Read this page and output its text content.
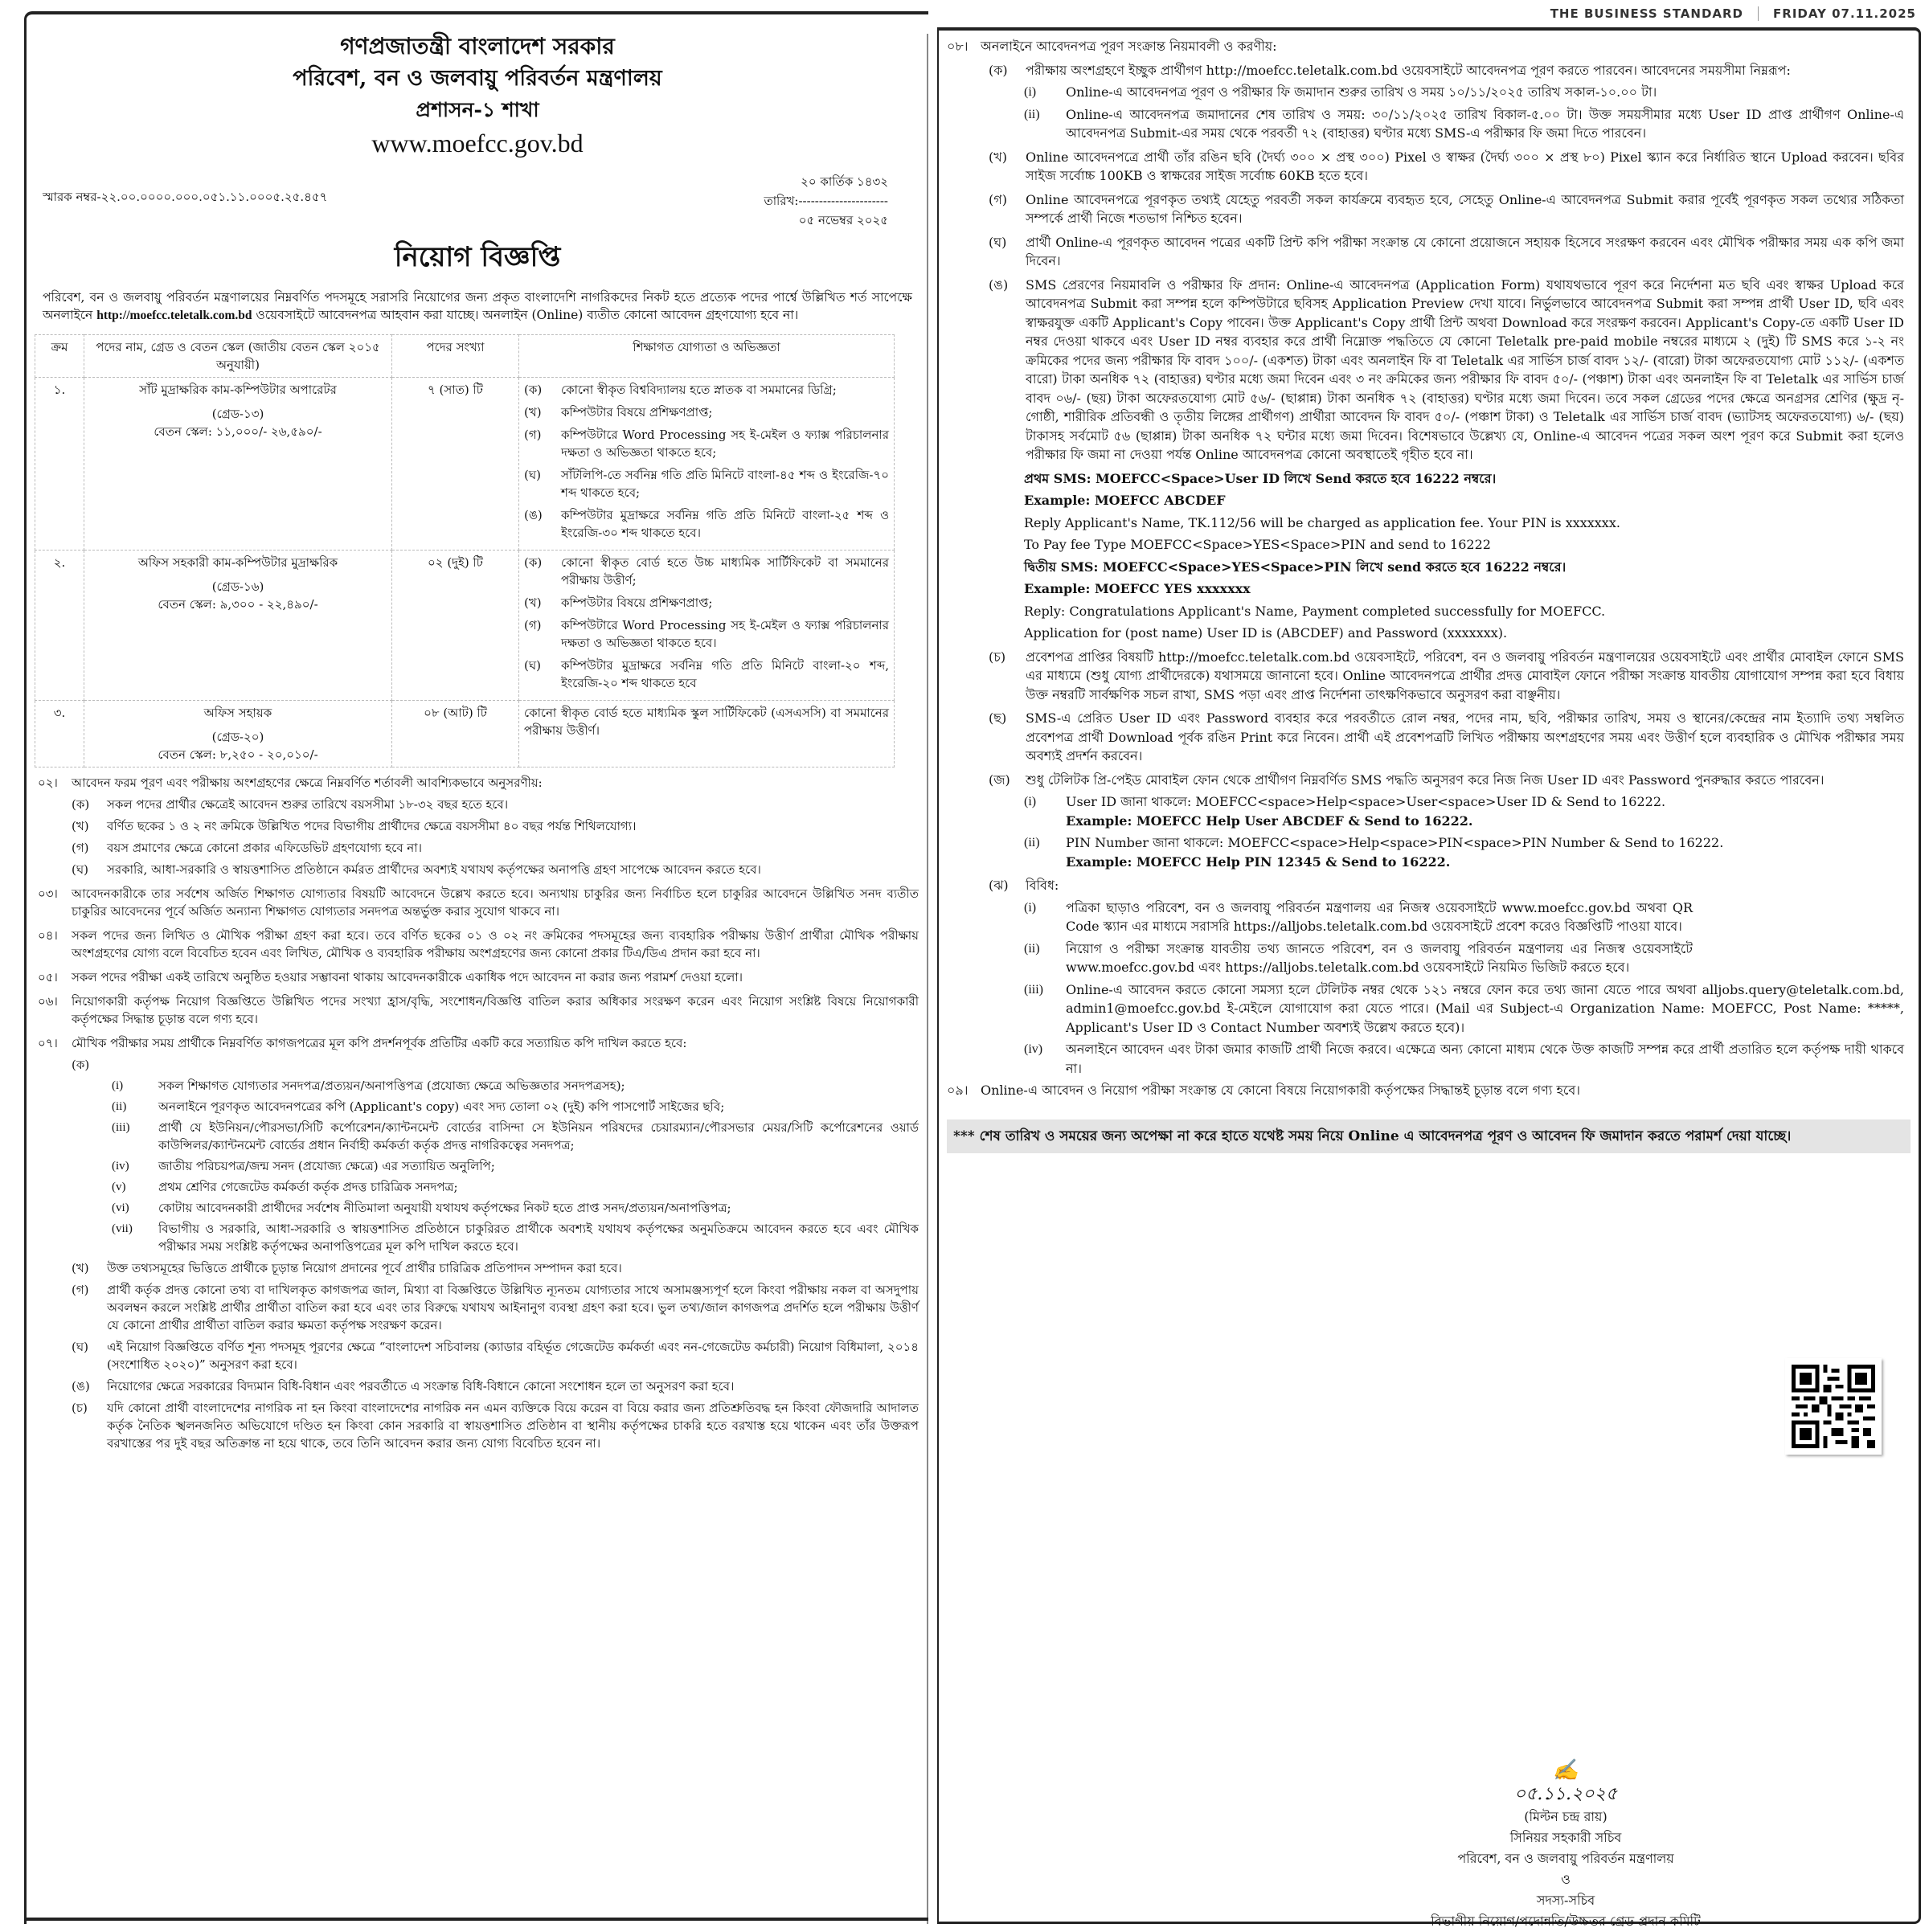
গণপ্রজাতন্ত্রী বাংলাদেশ সরকার
পরিবেশ, বন ও জলবায়ু পরিবর্তন মন্ত্রণালয়
প্রশাসন-১ শাখা
www.moefcc.gov.bd
স্মারক নম্বর-২২.০০.০০০০.০০০.০৫১.১১.০০০৫.২৫.৪৫৭
২০ কার্তিক ১৪৩২
তারিখ:----------------------
০৫ নভেম্বর ২০২৫
নিয়োগ বিজ্ঞপ্তি
পরিবেশ, বন ও জলবায়ু পরিবর্তন মন্ত্রণালয়ের নিম্নবর্ণিত পদসমূহে সরাসরি নিয়োগের জন্য প্রকৃত বাংলাদেশি নাগরিকদের নিকট হতে প্রত্যেক পদের পার্শ্বে উল্লিখিত শর্ত সাপেক্ষে অনলাইনে http://moefcc.teletalk.com.bd ওয়েবসাইটে আবেদনপত্র আহবান করা যাচ্ছে। অনলাইন (Online) ব্যতীত কোনো আবেদন গ্রহণযোগ্য হবে না।
ক্রম	পদের নাম, গ্রেড ও বেতন স্কেল (জাতীয় বেতন স্কেল ২০১৫ অনুযায়ী)	পদের সংখ্যা	শিক্ষাগত যোগ্যতা ও অভিজ্ঞতা
১.	সাঁট মুদ্রাক্ষরিক কাম-কম্পিউটার অপারেটর
(গ্রেড-১৩)
বেতন স্কেল: ১১,০০০/- ২৬,৫৯০/-
	৭ (সাত) টি	(ক)	কোনো স্বীকৃত বিশ্ববিদ্যালয় হতে স্নাতক বা সমমানের ডিগ্রি;
(খ)	কম্পিউটার বিষয়ে প্রশিক্ষণপ্রাপ্ত;
(গ)	কম্পিউটারে Word Processing সহ ই-মেইল ও ফ্যাক্স পরিচালনার দক্ষতা ও অভিজ্ঞতা থাকতে হবে;
(ঘ)	সাঁটলিপি-তে সর্বনিম্ন গতি প্রতি মিনিটে বাংলা-৪৫ শব্দ ও ইংরেজি-৭০ শব্দ থাকতে হবে;
(ঙ)	কম্পিউটার মুদ্রাক্ষরে সর্বনিম্ন গতি প্রতি মিনিটে বাংলা-২৫ শব্দ ও ইংরেজি-৩০ শব্দ থাকতে হবে।

২.	অফিস সহকারী কাম-কম্পিউটার মুদ্রাক্ষরিক
(গ্রেড-১৬)
বেতন স্কেল: ৯,৩০০ - ২২,৪৯০/-
	০২ (দুই) টি	(ক)	কোনো স্বীকৃত বোর্ড হতে উচ্চ মাধ্যমিক সার্টিফিকেট বা সমমানের পরীক্ষায় উত্তীর্ণ;
(খ)	কম্পিউটার বিষয়ে প্রশিক্ষণপ্রাপ্ত;
(গ)	কম্পিউটারে Word Processing সহ ই-মেইল ও ফ্যাক্স পরিচালনার দক্ষতা ও অভিজ্ঞতা থাকতে হবে।
(ঘ)	কম্পিউটার মুদ্রাক্ষরে সর্বনিম্ন গতি প্রতি মিনিটে বাংলা-২০ শব্দ, ইংরেজি-২০ শব্দ থাকতে হবে

৩.	অফিস সহায়ক
(গ্রেড-২০)
বেতন স্কেল: ৮,২৫০ - ২০,০১০/-	০৮ (আট) টি	কোনো স্বীকৃত বোর্ড হতে মাধ্যমিক স্কুল সার্টিফিকেট (এসএসসি) বা সমমানের পরীক্ষায় উত্তীর্ণ।
০২।	আবেদন ফরম পূরণ এবং পরীক্ষায় অংশগ্রহণের ক্ষেত্রে নিম্নবর্ণিত শর্তাবলী আবশ্যিকভাবে অনুসরণীয়:
(ক)	সকল পদের প্রার্থীর ক্ষেত্রেই আবেদন শুরুর তারিখে বয়সসীমা ১৮-৩২ বছর হতে হবে।
(খ)	বর্ণিত ছকের ১ ও ২ নং ক্রমিকে উল্লিখিত পদের বিভাগীয় প্রার্থীদের ক্ষেত্রে বয়সসীমা ৪০ বছর পর্যন্ত শিথিলযোগ্য।
(গ)	বয়স প্রমাণের ক্ষেত্রে কোনো প্রকার এফিডেভিট গ্রহণযোগ্য হবে না।
(ঘ)	সরকারি, আধা-সরকারি ও স্বায়ত্তশাসিত প্রতিষ্ঠানে কর্মরত প্রার্থীদের অবশ্যই যথাযথ কর্তৃপক্ষের অনাপত্তি গ্রহণ সাপেক্ষে আবেদন করতে হবে।
০৩।	আবেদনকারীকে তার সর্বশেষ অর্জিত শিক্ষাগত যোগ্যতার বিষয়টি আবেদনে উল্লেখ করতে হবে। অন্যথায় চাকুরির জন্য নির্বাচিত হলে চাকুরির আবেদনে উল্লিখিত সনদ ব্যতীত চাকুরির আবেদনের পূর্বে অর্জিত অন্যান্য শিক্ষাগত যোগ্যতার সনদপত্র অন্তর্ভুক্ত করার সুযোগ থাকবে না।
০৪।	সকল পদের জন্য লিখিত ও মৌখিক পরীক্ষা গ্রহণ করা হবে। তবে বর্ণিত ছকের ০১ ও ০২ নং ক্রমিকের পদসমূহের জন্য ব্যবহারিক পরীক্ষায় উত্তীর্ণ প্রার্থীরা মৌখিক পরীক্ষায় অংশগ্রহণের যোগ্য বলে বিবেচিত হবেন এবং লিখিত, মৌখিক ও ব্যবহারিক পরীক্ষায় অংশগ্রহণের জন্য কোনো প্রকার টিএ/ডিএ প্রদান করা হবে না।
০৫।	সকল পদের পরীক্ষা একই তারিখে অনুষ্ঠিত হওয়ার সম্ভাবনা থাকায় আবেদনকারীকে একাধিক পদে আবেদন না করার জন্য পরামর্শ দেওয়া হলো।
০৬।	নিয়োগকারী কর্তৃপক্ষ নিয়োগ বিজ্ঞপ্তিতে উল্লিখিত পদের সংখ্যা হ্রাস/বৃদ্ধি, সংশোধন/বিজ্ঞপ্তি বাতিল করার অধিকার সংরক্ষণ করেন এবং নিয়োগ সংশ্লিষ্ট বিষয়ে নিয়োগকারী কর্তৃপক্ষের সিদ্ধান্ত চূড়ান্ত বলে গণ্য হবে।
০৭।	মৌখিক পরীক্ষার সময় প্রার্থীকে নিম্নবর্ণিত কাগজপত্রের মূল কপি প্রদর্শনপূর্বক প্রতিটির একটি করে সত্যায়িত কপি দাখিল করতে হবে:
(ক)
(i)	সকল শিক্ষাগত যোগ্যতার সনদপত্র/প্রত্যয়ন/অনাপত্তিপত্র (প্রযোজ্য ক্ষেত্রে অভিজ্ঞতার সনদপত্রসহ);
(ii)	অনলাইনে পূরণকৃত আবেদনপত্রের কপি (Applicant's copy) এবং সদ্য তোলা ০২ (দুই) কপি পাসপোর্ট সাইজের ছবি;
(iii)	প্রার্থী যে ইউনিয়ন/পৌরসভা/সিটি কর্পোরেশন/ক্যান্টনমেন্ট বোর্ডের বাসিন্দা সে ইউনিয়ন পরিষদের চেয়ারম্যান/পৌরসভার মেয়র/সিটি কর্পোরেশনের ওয়ার্ড কাউন্সিলর/ক্যান্টনমেন্ট বোর্ডের প্রধান নির্বাহী কর্মকর্তা কর্তৃক প্রদত্ত নাগরিকত্বের সনদপত্র;
(iv)	জাতীয় পরিচয়পত্র/জন্ম সনদ (প্রযোজ্য ক্ষেত্রে) এর সত্যায়িত অনুলিপি;
(v)	প্রথম শ্রেণির গেজেটেড কর্মকর্তা কর্তৃক প্রদত্ত চারিত্রিক সনদপত্র;
(vi)	কোটায় আবেদনকারী প্রার্থীদের সর্বশেষ নীতিমালা অনুযায়ী যথাযথ কর্তৃপক্ষের নিকট হতে প্রাপ্ত সনদ/প্রত্যয়ন/অনাপত্তিপত্র;
(vii)	বিভাগীয় ও সরকারি, আধা-সরকারি ও স্বায়ত্তশাসিত প্রতিষ্ঠানে চাকুরিরত প্রার্থীকে অবশ্যই যথাযথ কর্তৃপক্ষের অনুমতিক্রমে আবেদন করতে হবে এবং মৌখিক পরীক্ষার সময় সংশ্লিষ্ট কর্তৃপক্ষের অনাপত্তিপত্রের মূল কপি দাখিল করতে হবে।
(খ)	উক্ত তথ্যসমূহের ভিত্তিতে প্রার্থীকে চূড়ান্ত নিয়োগ প্রদানের পূর্বে প্রার্থীর চারিত্রিক প্রতিপাদন সম্পাদন করা হবে।
(গ)	প্রার্থী কর্তৃক প্রদত্ত কোনো তথ্য বা দাখিলকৃত কাগজপত্র জাল, মিথ্যা বা বিজ্ঞপ্তিতে উল্লিখিত ন্যূনতম যোগ্যতার সাথে অসামঞ্জস্যপূর্ণ হলে কিংবা পরীক্ষায় নকল বা অসদুপায় অবলম্বন করলে সংশ্লিষ্ট প্রার্থীর প্রার্থীতা বাতিল করা হবে এবং তার বিরুদ্ধে যথাযথ আইনানুগ ব্যবস্থা গ্রহণ করা হবে। ভুল তথ্য/জাল কাগজপত্র প্রদর্শিত হলে পরীক্ষায় উত্তীর্ণ যে কোনো প্রার্থীর প্রার্থীতা বাতিল করার ক্ষমতা কর্তৃপক্ষ সংরক্ষণ করেন।
(ঘ)	এই নিয়োগ বিজ্ঞপ্তিতে বর্ণিত শূন্য পদসমূহ পূরণের ক্ষেত্রে “বাংলাদেশ সচিবালয় (ক্যাডার বহির্ভূত গেজেটেড কর্মকর্তা এবং নন-গেজেটেড কর্মচারী) নিয়োগ বিধিমালা, ২০১৪ (সংশোধিত ২০২০)” অনুসরণ করা হবে।
(ঙ)	নিয়োগের ক্ষেত্রে সরকারের বিদ্যমান বিধি-বিধান এবং পরবর্তীতে এ সংক্রান্ত বিধি-বিধানে কোনো সংশোধন হলে তা অনুসরণ করা হবে।
(চ)	যদি কোনো প্রার্থী বাংলাদেশের নাগরিক না হন কিংবা বাংলাদেশের নাগরিক নন এমন ব্যক্তিকে বিয়ে করেন বা বিয়ে করার জন্য প্রতিশ্রুতিবদ্ধ হন কিংবা ফৌজদারি আদালত কর্তৃক নৈতিক স্খলনজনিত অভিযোগে দণ্ডিত হন কিংবা কোন সরকারি বা স্বায়ত্তশাসিত প্রতিষ্ঠান বা স্থানীয় কর্তৃপক্ষের চাকরি হতে বরখাস্ত হয়ে থাকেন এবং তাঁর উক্তরূপ বরখাস্তের পর দুই বছর অতিক্রান্ত না হয়ে থাকে, তবে তিনি আবেদন করার জন্য যোগ্য বিবেচিত হবেন না।
THE BUSINESS STANDARD FRIDAY 07.11.2025
০৮। অনলাইনে আবেদনপত্র পূরণ সংক্রান্ত নিয়মাবলী ও করণীয়:
(ক)	পরীক্ষায় অংশগ্রহণে ইচ্ছুক প্রার্থীগণ http://moefcc.teletalk.com.bd ওয়েবসাইটে আবেদনপত্র পূরণ করতে পারবেন। আবেদনের সময়সীমা নিম্নরূপ:
(i)	Online-এ আবেদনপত্র পূরণ ও পরীক্ষার ফি জমাদান শুরুর তারিখ ও সময় ১০/১১/২০২৫ তারিখ সকাল-১০.০০ টা।
(ii)	Online-এ আবেদনপত্র জমাদানের শেষ তারিখ ও সময়: ৩০/১১/২০২৫ তারিখ বিকাল-৫.০০ টা। উক্ত সময়সীমার মধ্যে User ID প্রাপ্ত প্রার্থীগণ Online-এ আবেদনপত্র Submit-এর সময় থেকে পরবর্তী ৭২ (বাহাত্তর) ঘণ্টার মধ্যে SMS-এ পরীক্ষার ফি জমা দিতে পারবেন।
(খ)	Online আবেদনপত্রে প্রার্থী তাঁর রঙিন ছবি (দৈর্ঘ্য ৩০০ × প্রস্থ ৩০০) Pixel ও স্বাক্ষর (দৈর্ঘ্য ৩০০ × প্রস্থ ৮০) Pixel স্ক্যান করে নির্ধারিত স্থানে Upload করবেন। ছবির সাইজ সর্বোচ্চ 100KB ও স্বাক্ষরের সাইজ সর্বোচ্চ 60KB হতে হবে।
(গ)	Online আবেদনপত্রে পূরণকৃত তথ্যই যেহেতু পরবর্তী সকল কার্যক্রমে ব্যবহৃত হবে, সেহেতু Online-এ আবেদনপত্র Submit করার পূর্বেই পূরণকৃত সকল তথ্যের সঠিকতা সম্পর্কে প্রার্থী নিজে শতভাগ নিশ্চিত হবেন।
(ঘ)	প্রার্থী Online-এ পূরণকৃত আবেদন পত্রের একটি প্রিন্ট কপি পরীক্ষা সংক্রান্ত যে কোনো প্রয়োজনে সহায়ক হিসেবে সংরক্ষণ করবেন এবং মৌখিক পরীক্ষার সময় এক কপি জমা দিবেন।
(ঙ)	SMS প্রেরণের নিয়মাবলি ও পরীক্ষার ফি প্রদান: Online-এ আবেদনপত্র (Application Form) যথাযথভাবে পূরণ করে নির্দেশনা মত ছবি এবং স্বাক্ষর Upload করে আবেদনপত্র Submit করা সম্পন্ন হলে কম্পিউটারে ছবিসহ Application Preview দেখা যাবে। নির্ভুলভাবে আবেদনপত্র Submit করা সম্পন্ন প্রার্থী User ID, ছবি এবং স্বাক্ষরযুক্ত একটি Applicant's Copy পাবেন। উক্ত Applicant's Copy প্রার্থী প্রিন্ট অথবা Download করে সংরক্ষণ করবেন। Applicant's Copy-তে একটি User ID নম্বর দেওয়া থাকবে এবং User ID নম্বর ব্যবহার করে প্রার্থী নিম্নোক্ত পদ্ধতিতে যে কোনো Teletalk pre-paid mobile নম্বরের মাধ্যমে ২ (দুই) টি SMS করে ১-২ নং ক্রমিকের পদের জন্য পরীক্ষার ফি বাবদ ১০০/- (একশত) টাকা এবং অনলাইন ফি বা Teletalk এর সার্ভিস চার্জ বাবদ ১২/- (বারো) টাকা অফেরতযোগ্য মোট ১১২/- (একশত বারো) টাকা অনধিক ৭২ (বাহাত্তর) ঘণ্টার মধ্যে জমা দিবেন এবং ৩ নং ক্রমিকের জন্য পরীক্ষার ফি বাবদ ৫০/- (পঞ্চাশ) টাকা এবং অনলাইন ফি বা Teletalk এর সার্ভিস চার্জ বাবদ ০৬/- (ছয়) টাকা অফেরতযোগ্য মোট ৫৬/- (ছাপ্পান্ন) টাকা অনধিক ৭২ (বাহাত্তর) ঘণ্টার মধ্যে জমা দিবেন। তবে সকল গ্রেডের পদের ক্ষেত্রে অনগ্রসর শ্রেণির (ক্ষুদ্র নৃ-গোষ্ঠী, শারীরিক প্রতিবন্ধী ও তৃতীয় লিঙ্গের প্রার্থীগণ) প্রার্থীরা আবেদন ফি বাবদ ৫০/- (পঞ্চাশ টাকা) ও Teletalk এর সার্ভিস চার্জ বাবদ (ভ্যাটসহ অফেরতযোগ্য) ৬/- (ছয়) টাকাসহ সর্বমোট ৫৬ (ছাপ্পান্ন) টাকা অনধিক ৭২ ঘন্টার মধ্যে জমা দিবেন। বিশেষভাবে উল্লেখ্য যে, Online-এ আবেদন পত্রের সকল অংশ পূরণ করে Submit করা হলেও পরীক্ষার ফি জমা না দেওয়া পর্যন্ত Online আবেদনপত্র কোনো অবস্থাতেই গৃহীত হবে না।

প্রথম SMS: MOEFCC<Space>User ID লিখে Send করতে হবে 16222 নম্বরে।

Example: MOEFCC ABCDEF

Reply Applicant's Name, TK.112/56 will be charged as application fee. Your PIN is xxxxxxx.

To Pay fee Type MOEFCC<Space>YES<Space>PIN and send to 16222

দ্বিতীয় SMS: MOEFCC<Space>YES<Space>PIN লিখে send করতে হবে 16222 নম্বরে।

Example: MOEFCC YES xxxxxxx

Reply: Congratulations Applicant's Name, Payment completed successfully for MOEFCC.

Application for (post name) User ID is (ABCDEF) and Password (xxxxxxx).

(চ)	প্রবেশপত্র প্রাপ্তির বিষয়টি http://moefcc.teletalk.com.bd ওয়েবসাইটে, পরিবেশ, বন ও জলবায়ু পরিবর্তন মন্ত্রণালয়ের ওয়েবসাইটে এবং প্রার্থীর মোবাইল ফোনে SMS এর মাধ্যমে (শুধু যোগ্য প্রার্থীদেরকে) যথাসময়ে জানানো হবে। Online আবেদনপত্রে প্রার্থীর প্রদত্ত মোবাইল ফোনে পরীক্ষা সংক্রান্ত যাবতীয় যোগাযোগ সম্পন্ন করা হবে বিধায় উক্ত নম্বরটি সার্বক্ষণিক সচল রাখা, SMS পড়া এবং প্রাপ্ত নির্দেশনা তাৎক্ষণিকভাবে অনুসরণ করা বাঞ্ছনীয়।
(ছ)	SMS-এ প্রেরিত User ID এবং Password ব্যবহার করে পরবর্তীতে রোল নম্বর, পদের নাম, ছবি, পরীক্ষার তারিখ, সময় ও স্থানের/কেন্দ্রের নাম ইত্যাদি তথ্য সম্বলিত প্রবেশপত্র প্রার্থী Download পূর্বক রঙিন Print করে নিবেন। প্রার্থী এই প্রবেশপত্রটি লিখিত পরীক্ষায় অংশগ্রহণের সময় এবং উত্তীর্ণ হলে ব্যবহারিক ও মৌখিক পরীক্ষার সময় অবশ্যই প্রদর্শন করবেন।
(জ)	শুধু টেলিটক প্রি-পেইড মোবাইল ফোন থেকে প্রার্থীগণ নিম্নবর্ণিত SMS পদ্ধতি অনুসরণ করে নিজ নিজ User ID এবং Password পুনরুদ্ধার করতে পারবেন।
(i)	User ID জানা থাকলে: MOEFCC<space>Help<space>User<space>User ID & Send to 16222.
Example: MOEFCC Help User ABCDEF & Send to 16222.
(ii)	PIN Number জানা থাকলে: MOEFCC<space>Help<space>PIN<space>PIN Number & Send to 16222.
Example: MOEFCC Help PIN 12345 & Send to 16222.
(ঝ)	বিবিধ:
(i)	পত্রিকা ছাড়াও পরিবেশ, বন ও জলবায়ু পরিবর্তন মন্ত্রণালয় এর নিজস্ব ওয়েবসাইটে www.moefcc.gov.bd অথবা QR Code স্ক্যান এর মাধ্যমে সরাসরি https://alljobs.teletalk.com.bd ওয়েবসাইটে প্রবেশ করেও বিজ্ঞপ্তিটি পাওয়া যাবে।
(ii)	নিয়োগ ও পরীক্ষা সংক্রান্ত যাবতীয় তথ্য জানতে পরিবেশ, বন ও জলবায়ু পরিবর্তন মন্ত্রণালয় এর নিজস্ব ওয়েবসাইটে www.moefcc.gov.bd এবং https://alljobs.teletalk.com.bd ওয়েবসাইটে নিয়মিত ভিজিট করতে হবে।
(iii)	Online-এ আবেদন করতে কোনো সমস্যা হলে টেলিটক নম্বর থেকে ১২১ নম্বরে ফোন করে তথ্য জানা যেতে পারে অথবা alljobs.query@teletalk.com.bd, admin1@moefcc.gov.bd ই-মেইলে যোগাযোগ করা যেতে পারে। (Mail এর Subject-এ Organization Name: MOEFCC, Post Name: *****, Applicant's User ID ও Contact Number অবশ্যই উল্লেখ করতে হবে)।
(iv)	অনলাইনে আবেদন এবং টাকা জমার কাজটি প্রার্থী নিজে করবে। এক্ষেত্রে অন্য কোনো মাধ্যম থেকে উক্ত কাজটি সম্পন্ন করে প্রার্থী প্রতারিত হলে কর্তৃপক্ষ দায়ী থাকবে না।
০৯। Online-এ আবেদন ও নিয়োগ পরীক্ষা সংক্রান্ত যে কোনো বিষয়ে নিয়োগকারী কর্তৃপক্ষের সিদ্ধান্তই চূড়ান্ত বলে গণ্য হবে।
*** শেষ তারিখ ও সময়ের জন্য অপেক্ষা না করে হাতে যথেষ্ট সময় নিয়ে Online এ আবেদনপত্র পূরণ ও আবেদন ফি জমাদান করতে পরামর্শ দেয়া যাচ্ছে।
✍
০৫.১১.২০২৫
(মিল্টন চন্দ্র রায়)
সিনিয়র সহকারী সচিব
পরিবেশ, বন ও জলবায়ু পরিবর্তন মন্ত্রণালয়
ও
সদস্য-সচিব
বিভাগীয় নিয়োগ/পদোন্নতি/উচ্চতর গ্রেড প্রদান কমিটি
